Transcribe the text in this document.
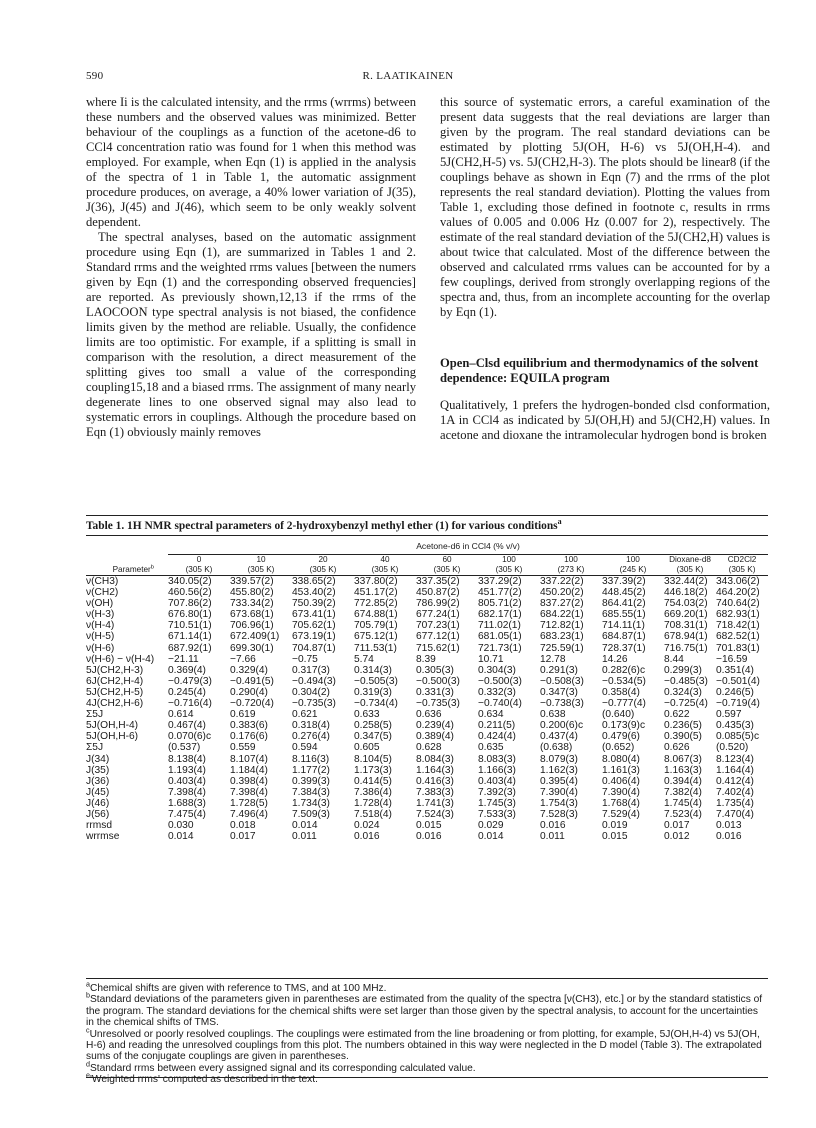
590	R. LAATIKAINEN

where Ii is the calculated intensity, and the rrms (wrrms) between these numbers and the observed values was minimized. Better behaviour of the couplings as a function of the acetone-d6 to CCl4 concentration ratio was found for 1 when this method was employed. For example, when Eqn (1) is applied in the analysis of the spectra of 1 in Table 1, the automatic assignment procedure produces, on average, a 40% lower variation of J(35), J(36), J(45) and J(46), which seem to be only weakly solvent dependent.

The spectral analyses, based on the automatic assignment procedure using Eqn (1), are summarized in Tables 1 and 2. Standard rrms and the weighted rrms values [between the numers given by Eqn (1) and the corresponding observed frequencies] are reported. As previously shown,12,13 if the rrms of the LAOCOON type spectral analysis is not biased, the confidence limits given by the method are reliable. Usually, the confidence limits are too optimistic. For example, if a splitting is small in comparison with the resolution, a direct measurement of the splitting gives too small a value of the corresponding coupling15,18 and a biased rrms. The assignment of many nearly degenerate lines to one observed signal may also lead to systematic errors in couplings. Although the procedure based on Eqn (1) obviously mainly removes

this source of systematic errors, a careful examination of the present data suggests that the real deviations are larger than given by the program. The real standard deviations can be estimated by plotting 5J(OH, H-6) vs 5J(OH,H-4). and 5J(CH2,H-5) vs. 5J(CH2,H-3). The plots should be linear8 (if the couplings behave as shown in Eqn (7) and the rrms of the plot represents the real standard deviation). Plotting the values from Table 1, excluding those defined in footnote c, results in rrms values of 0.005 and 0.006 Hz (0.007 for 2), respectively. The estimate of the real standard deviation of the 5J(CH2,H) values is about twice that calculated. Most of the difference between the observed and calculated rrms values can be accounted for by a few couplings, derived from strongly overlapping regions of the spectra and, thus, from an incomplete accounting for the overlap by Eqn (1).

Open–Clsd equilibrium and thermodynamics of the solvent dependence: EQUILA program

Qualitatively, 1 prefers the hydrogen-bonded clsd conformation, 1A in CCl4 as indicated by 5J(OH,H) and 5J(CH2,H) values. In acetone and dioxane the intramolecular hydrogen bond is broken

Table 1. 1H NMR spectral parameters of 2-hydroxybenzyl methyl ether (1) for various conditions$^a$
	Acetone-d6 in CCl4 (% v/v)									

	0	10	20	40	60	100	100	100	Dioxane-d8	CD2Cl2
Parameter$^b$	(305 K)	(305 K)	(305 K)	(305 K)	(305 K)	(305 K)	(273 K)	(245 K)	(305 K)	(305 K)
ν(CH3)	340.05(2)	339.57(2)	338.65(2)	337.80(2)	337.35(2)	337.29(2)	337.22(2)	337.39(2)	332.44(2)	343.06(2)
ν(CH2)	460.56(2)	455.80(2)	453.40(2)	451.17(2)	450.87(2)	451.77(2)	450.20(2)	448.45(2)	446.18(2)	464.20(2)
ν(OH)	707.86(2)	733.34(2)	750.39(2)	772.85(2)	786.99(2)	805.71(2)	837.27(2)	864.41(2)	754.03(2)	740.64(2)
ν(H-3)	676.80(1)	673.68(1)	673.41(1)	674.88(1)	677.24(1)	682.17(1)	684.22(1)	685.55(1)	669.20(1)	682.93(1)
ν(H-4)	710.51(1)	706.96(1)	705.62(1)	705.79(1)	707.23(1)	711.02(1)	712.82(1)	714.11(1)	708.31(1)	718.42(1)
ν(H-5)	671.14(1)	672.409(1)	673.19(1)	675.12(1)	677.12(1)	681.05(1)	683.23(1)	684.87(1)	678.94(1)	682.52(1)
ν(H-6)	687.92(1)	699.30(1)	704.87(1)	711.53(1)	715.62(1)	721.73(1)	725.59(1)	728.37(1)	716.75(1)	701.83(1)
ν(H-6) − ν(H-4)	−21.11	−7.66	−0.75	5.74	8.39	10.71	12.78	14.26	8.44	−16.59
5J(CH2,H-3)	0.369(4)	0.329(4)	0.317(3)	0.314(3)	0.305(3)	0.304(3)	0.291(3)	0.282(6)c	0.299(3)	0.351(4)
6J(CH2,H-4)	−0.479(3)	−0.491(5)	−0.494(3)	−0.505(3)	−0.500(3)	−0.500(3)	−0.508(3)	−0.534(5)	−0.485(3)	−0.501(4)
5J(CH2,H-5)	0.245(4)	0.290(4)	0.304(2)	0.319(3)	0.331(3)	0.332(3)	0.347(3)	0.358(4)	0.324(3)	0.246(5)
4J(CH2,H-6)	−0.716(4)	−0.720(4)	−0.735(3)	−0.734(4)	−0.735(3)	−0.740(4)	−0.738(3)	−0.777(4)	−0.725(4)	−0.719(4)
Σ5J	0.614	0.619	0.621	0.633	0.636	0.634	0.638	(0.640)	0.622	0.597
5J(OH,H-4)	0.467(4)	0.383(6)	0.318(4)	0.258(5)	0.239(4)	0.211(5)	0.200(6)c	0.173(9)c	0.236(5)	0.435(3)
5J(OH,H-6)	0.070(6)c	0.176(6)	0.276(4)	0.347(5)	0.389(4)	0.424(4)	0.437(4)	0.479(6)	0.390(5)	0.085(5)c
Σ5J	(0.537)	0.559	0.594	0.605	0.628	0.635	(0.638)	(0.652)	0.626	(0.520)
J(34)	8.138(4)	8.107(4)	8.116(3)	8.104(5)	8.084(3)	8.083(3)	8.079(3)	8.080(4)	8.067(3)	8.123(4)
J(35)	1.193(4)	1.184(4)	1.177(2)	1.173(3)	1.164(3)	1.166(3)	1.162(3)	1.161(3)	1.163(3)	1.164(4)
J(36)	0.403(4)	0.398(4)	0.399(3)	0.414(5)	0.416(3)	0.403(4)	0.395(4)	0.406(4)	0.394(4)	0.412(4)
J(45)	7.398(4)	7.398(4)	7.384(3)	7.386(4)	7.383(3)	7.392(3)	7.390(4)	7.390(4)	7.382(4)	7.402(4)
J(46)	1.688(3)	1.728(5)	1.734(3)	1.728(4)	1.741(3)	1.745(3)	1.754(3)	1.768(4)	1.745(4)	1.735(4)
J(56)	7.475(4)	7.496(4)	7.509(3)	7.518(4)	7.524(3)	7.533(3)	7.528(3)	7.529(4)	7.523(4)	7.470(4)
rrmsd	0.030	0.018	0.014	0.024	0.015	0.029	0.016	0.019	0.017	0.013
wrrmse	0.014	0.017	0.011	0.016	0.016	0.014	0.011	0.015	0.012	0.016
$^a$Chemical shifts are given with reference to TMS, and at 100 MHz.
$^b$Standard deviations of the parameters given in parentheses are estimated from the quality of the spectra [ν(CH3), etc.] or by the standard statistics of the program. The standard deviations for the chemical shifts were set larger than those given by the spectral analysis, to account for the uncertainties in the chemical shifts of TMS.
$^c$Unresolved or poorly resolved couplings. The couplings were estimated from the line broadening or from plotting, for example, 5J(OH,H-4) vs 5J(OH, H-6) and reading the unresolved couplings from this plot. The numbers obtained in this way were neglected in the D model (Table 3). The extrapolated sums of the conjugate couplings are given in parentheses.
$^d$Standard rrms between every assigned signal and its corresponding calculated value.
$^e$'Weighted rrms' computed as described in the text.
